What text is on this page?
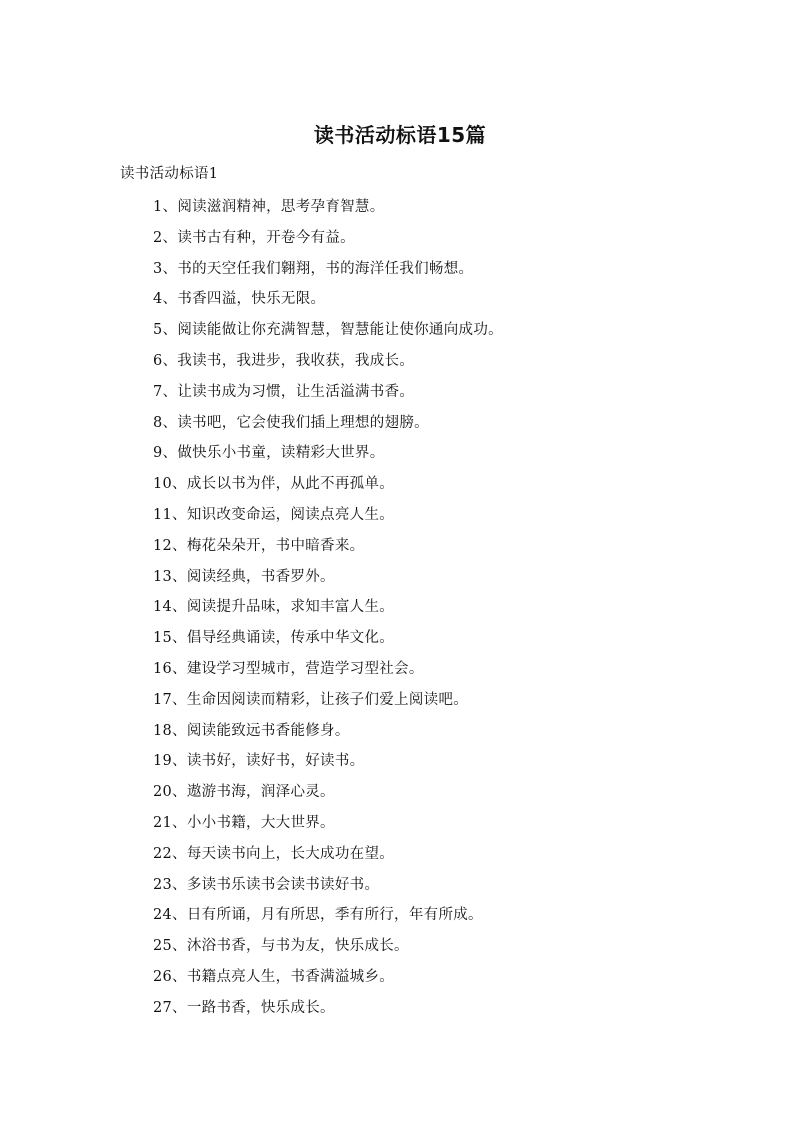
读书活动标语15篇
读书活动标语1
1、阅读滋润精神，思考孕育智慧。
2、读书古有种，开卷今有益。
3、书的天空任我们翱翔，书的海洋任我们畅想。
4、书香四溢，快乐无限。
5、阅读能做让你充满智慧，智慧能让使你通向成功。
6、我读书，我进步，我收获，我成长。
7、让读书成为习惯，让生活溢满书香。
8、读书吧，它会使我们插上理想的翅膀。
9、做快乐小书童，读精彩大世界。
10、成长以书为伴，从此不再孤单。
11、知识改变命运，阅读点亮人生。
12、梅花朵朵开，书中暗香来。
13、阅读经典，书香罗外。
14、阅读提升品味，求知丰富人生。
15、倡导经典诵读，传承中华文化。
16、建设学习型城市，营造学习型社会。
17、生命因阅读而精彩，让孩子们爱上阅读吧。
18、阅读能致远书香能修身。
19、读书好，读好书，好读书。
20、遨游书海，润泽心灵。
21、小小书籍，大大世界。
22、每天读书向上，长大成功在望。
23、多读书乐读书会读书读好书。
24、日有所诵，月有所思，季有所行，年有所成。
25、沐浴书香，与书为友，快乐成长。
26、书籍点亮人生，书香满溢城乡。
27、一路书香，快乐成长。
